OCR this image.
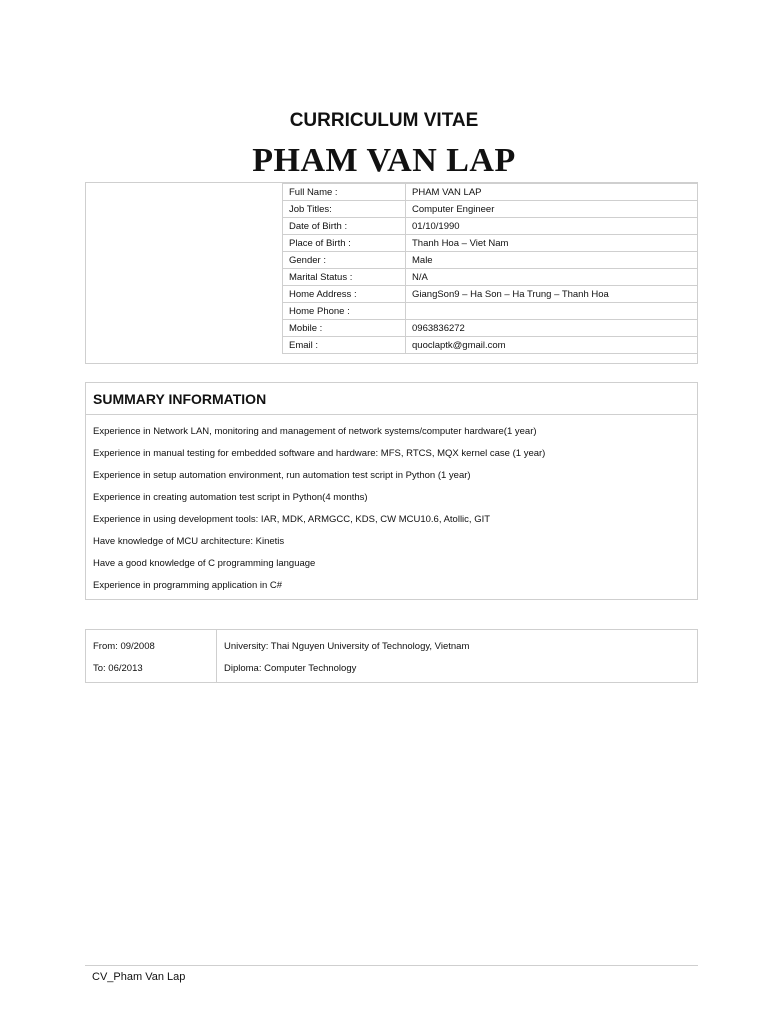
CURRICULUM VITAE
PHAM VAN LAP
Full Name :	PHAM VAN LAP
Job Titles:	Computer Engineer
Date of Birth :	01/10/1990
Place of Birth :	Thanh Hoa – Viet Nam
Gender :	Male
Marital Status :	N/A
Home Address :	GiangSon9 – Ha Son – Ha Trung – Thanh Hoa
Home Phone :	
Mobile :	0963836272
Email :	quoclaptk@gmail.com
SUMMARY INFORMATION
Experience in Network LAN, monitoring and management of network systems/computer hardware(1 year)
Experience in manual testing for embedded software and hardware: MFS, RTCS, MQX kernel case (1 year)
Experience in setup automation environment, run automation test script in Python (1 year)
Experience in creating automation test script in Python(4 months)
Experience in using development tools: IAR, MDK, ARMGCC, KDS, CW MCU10.6, Atollic, GIT
Have knowledge of MCU architecture: Kinetis
Have a good knowledge of C programming language
Experience in programming application in C#
From: 09/2008
To: 06/2013
University: Thai Nguyen University of Technology, Vietnam
Diploma: Computer Technology
CV_Pham Van Lap
